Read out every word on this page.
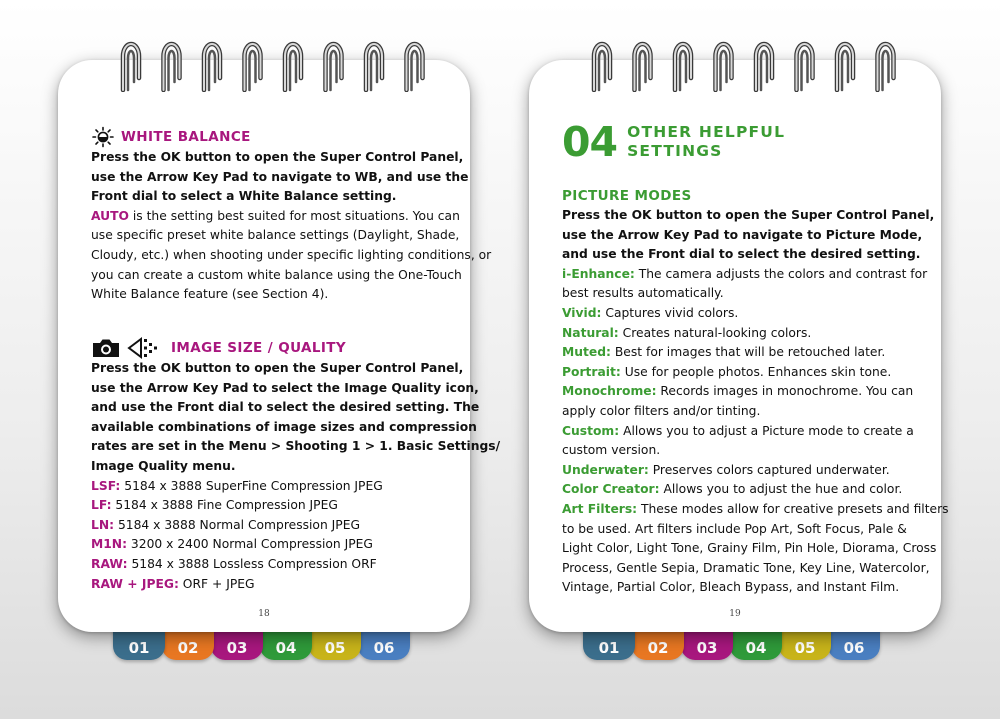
01	02	03	04	05	06	01	02	03	04	05	06
WHITE BALANCE
Press the OK button to open the Super Control Panel,
use the Arrow Key Pad to navigate to WB, and use the
Front dial to select a White Balance setting.
AUTO is the setting best suited for most situations. You can
use specific preset white balance settings (Daylight, Shade,
Cloudy, etc.) when shooting under specific lighting conditions, or
you can create a custom white balance using the One-Touch
White Balance feature (see Section 4).
IMAGE SIZE / QUALITY
Press the OK button to open the Super Control Panel,
use the Arrow Key Pad to select the Image Quality icon,
and use the Front dial to select the desired setting. The
available combinations of image sizes and compression
rates are set in the Menu > Shooting 1 > 1. Basic Settings/
Image Quality menu.
LSF: 5184 x 3888 SuperFine Compression JPEG
LF: 5184 x 3888 Fine Compression JPEG
LN: 5184 x 3888 Normal Compression JPEG
M1N: 3200 x 2400 Normal Compression JPEG
RAW: 5184 x 3888 Lossless Compression ORF
RAW + JPEG: ORF + JPEG
18
04 OTHER HELPFUL
SETTINGS
PICTURE MODES
Press the OK button to open the Super Control Panel,
use the Arrow Key Pad to navigate to Picture Mode,
and use the Front dial to select the desired setting.
i-Enhance: The camera adjusts the colors and contrast for
best results automatically.
Vivid: Captures vivid colors.
Natural: Creates natural-looking colors.
Muted: Best for images that will be retouched later.
Portrait: Use for people photos. Enhances skin tone.
Monochrome: Records images in monochrome. You can
apply color filters and/or tinting.
Custom: Allows you to adjust a Picture mode to create a
custom version.
Underwater: Preserves colors captured underwater.
Color Creator: Allows you to adjust the hue and color.
Art Filters: These modes allow for creative presets and filters
to be used. Art filters include Pop Art, Soft Focus, Pale &
Light Color, Light Tone, Grainy Film, Pin Hole, Diorama, Cross
Process, Gentle Sepia, Dramatic Tone, Key Line, Watercolor,
Vintage, Partial Color, Bleach Bypass, and Instant Film.
19
